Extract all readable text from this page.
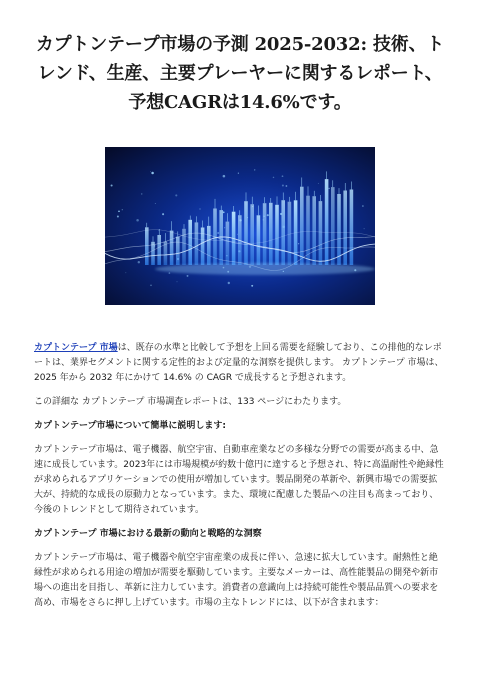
カプトンテープ市場の予測 2025-2032: 技術、トレンド、生産、主要プレーヤーに関するレポート、予想CAGRは14.6%です。

カプトンテープ 市場は、既存の水準と比較して予想を上回る需要を経験しており、この排他的なレポートは、業界セグメントに関する定性的および定量的な洞察を提供します。 カプトンテープ 市場は、2025 年から 2032 年にかけて 14.6% の CAGR で成長すると予想されます。

この詳細な カプトンテープ 市場調査レポートは、133 ページにわたります。

カプトンテープ市場について簡単に説明します:

カプトンテープ市場は、電子機器、航空宇宙、自動車産業などの多様な分野での需要が高まる中、急速に成長しています。2023年には市場規模が約数十億円に達すると予想され、特に高温耐性や絶縁性が求められるアプリケーションでの使用が増加しています。製品開発の革新や、新興市場での需要拡大が、持続的な成長の原動力となっています。また、環境に配慮した製品への注目も高まっており、今後のトレンドとして期待されています。

カプトンテープ 市場における最新の動向と戦略的な洞察

カプトンテープ市場は、電子機器や航空宇宙産業の成長に伴い、急速に拡大しています。耐熱性と絶縁性が求められる用途の増加が需要を駆動しています。主要なメーカーは、高性能製品の開発や新市場への進出を目指し、革新に注力しています。消費者の意識向上は持続可能性や製品品質への要求を高め、市場をさらに押し上げています。市場の主なトレンドには、以下が含まれます：
